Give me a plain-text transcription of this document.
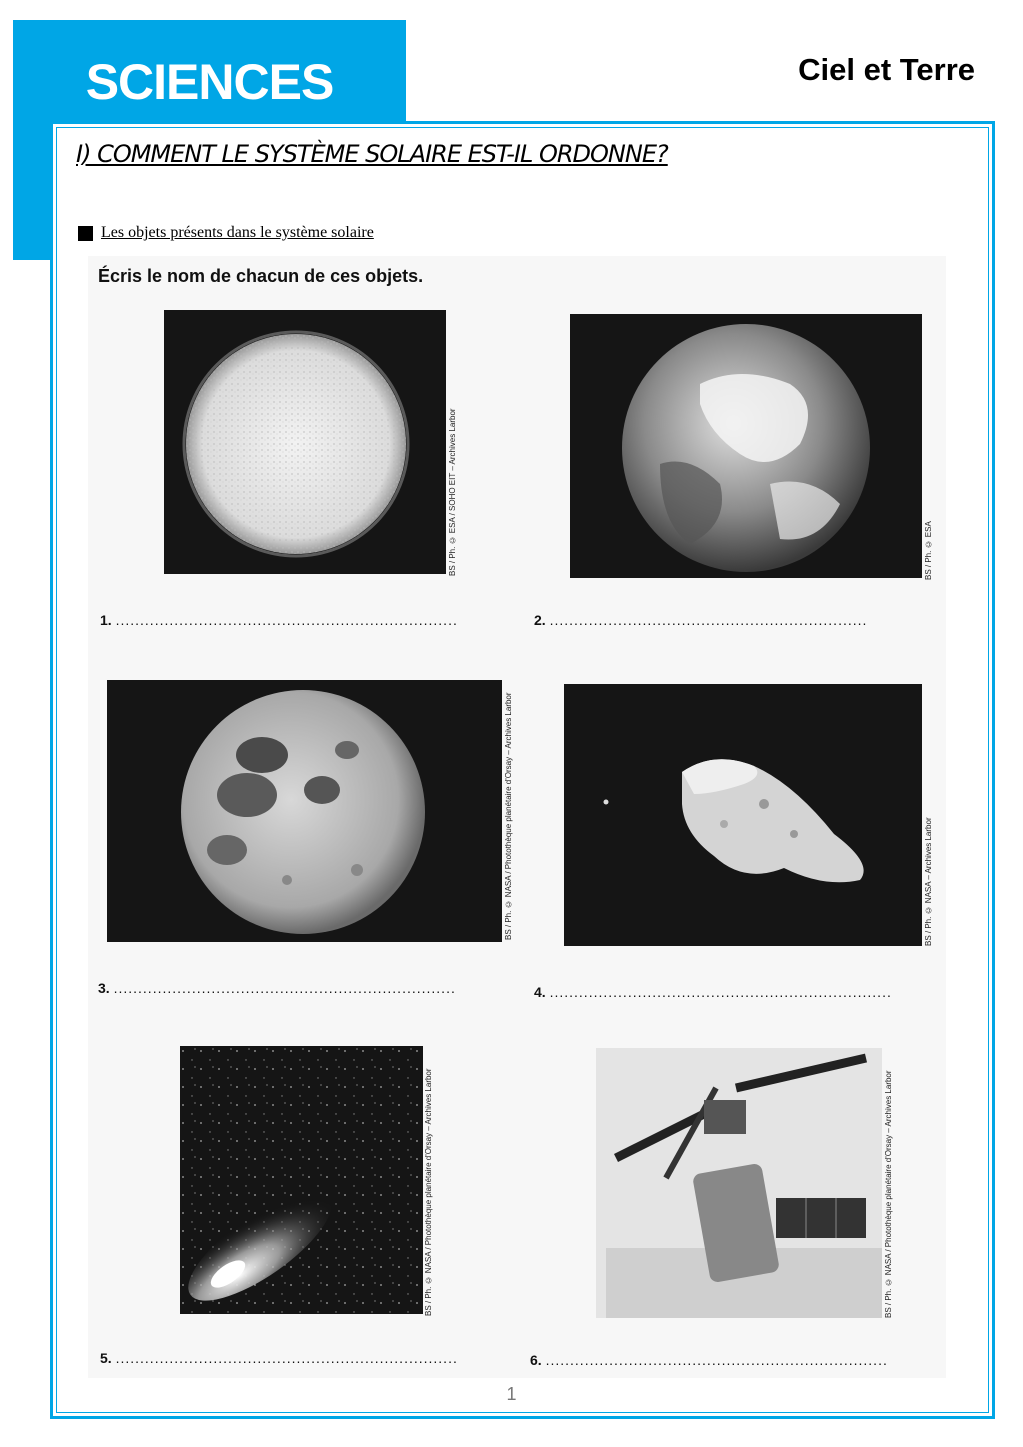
SCIENCES	Ciel et Terre
I) COMMENT LE SYSTÈME SOLAIRE EST-IL ORDONNE?
Les objets présents dans le système solaire
Écris le nom de chacun de ces objets.
BS / Ph. © ESA / SOHO EIT – Archives Larbor	BS / Ph. © ESA
1. ......................................................................	2. .................................................................
BS / Ph. © NASA / Photothèque planétaire d'Orsay – Archives Larbor	BS / Ph. © NASA – Archives Larbor
3. ......................................................................	4. ......................................................................
BS / Ph. © NASA / Photothèque planétaire d'Orsay – Archives Larbor	BS / Ph. © NASA / Photothèque planétaire d'Orsay – Archives Larbor
5. ......................................................................	6. ......................................................................
1
